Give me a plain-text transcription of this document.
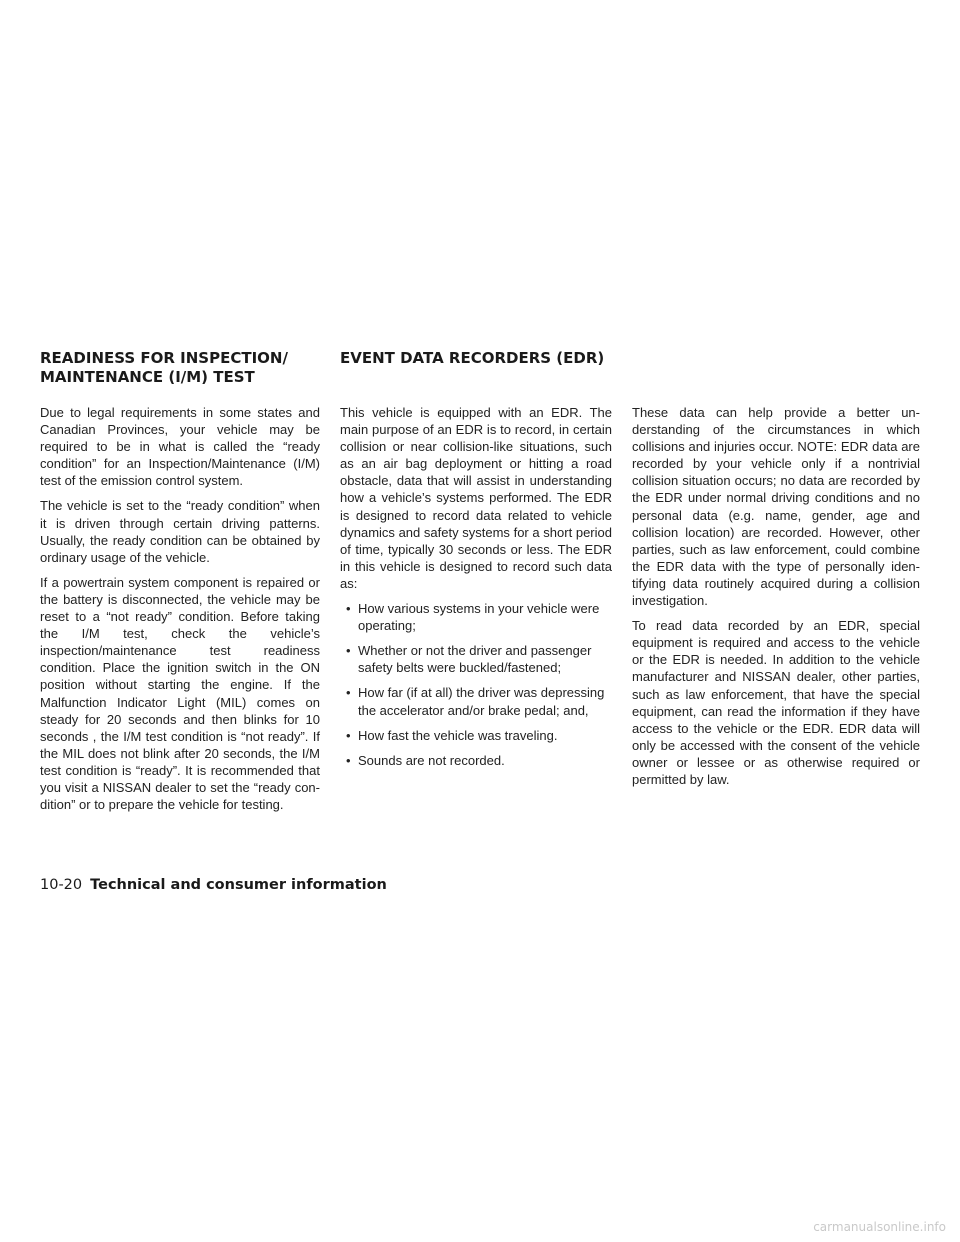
READINESS FOR INSPECTION/
MAINTENANCE (I/M) TEST
EVENT DATA RECORDERS (EDR)

Due to legal requirements in some states and Canadian Provinces, your vehicle may be required to be in what is called the “ready condition” for an Inspection/Maintenance (I/M) test of the emission control system.

The vehicle is set to the “ready condition” when it is driven through certain driving patterns. Usually, the ready condition can be obtained by ordinary usage of the vehicle.

If a powertrain system component is repaired or the battery is disconnected, the vehicle may be reset to a “not ready” condition. Before taking the I/M test, check the vehicle’s inspection/maintenance test readiness condition. Place the ignition switch in the ON position without starting the engine. If the Malfunction Indicator Light (MIL) comes on steady for 20 seconds and then blinks for 10 seconds , the I/M test condition is “not ready”. If the MIL does not blink after 20 seconds, the I/M test condition is “ready”. It is recommended that you visit a NISSAN dealer to set the “ready condition” or to prepare the vehicle for testing.

This vehicle is equipped with an EDR. The main purpose of an EDR is to record, in certain collision or near collision-like situations, such as an air bag deployment or hitting a road obstacle, data that will assist in understanding how a vehicle’s systems performed. The EDR is designed to record data related to vehicle dynamics and safety systems for a short period of time, typically 30 seconds or less. The EDR in this vehicle is designed to record such data as:

• How various systems in your vehicle were operating;
• Whether or not the driver and passenger safety belts were buckled/fastened;
• How far (if at all) the driver was depressing the accelerator and/or brake pedal; and,
• How fast the vehicle was traveling.
• Sounds are not recorded.

These data can help provide a better understanding of the circumstances in which collisions and injuries occur. NOTE: EDR data are recorded by your vehicle only if a nontrivial collision situation occurs; no data are recorded by the EDR under normal driving conditions and no personal data (e.g. name, gender, age and collision location) are recorded. However, other parties, such as law enforcement, could combine the EDR data with the type of personally identifying data routinely acquired during a collision investigation.

To read data recorded by an EDR, special equipment is required and access to the vehicle or the EDR is needed. In addition to the vehicle manufacturer and NISSAN dealer, other parties, such as law enforcement, that have the special equipment, can read the information if they have access to the vehicle or the EDR. EDR data will only be accessed with the consent of the vehicle owner or lessee or as otherwise required or permitted by law.

10-20 Technical and consumer information
carmanualsonline.info
